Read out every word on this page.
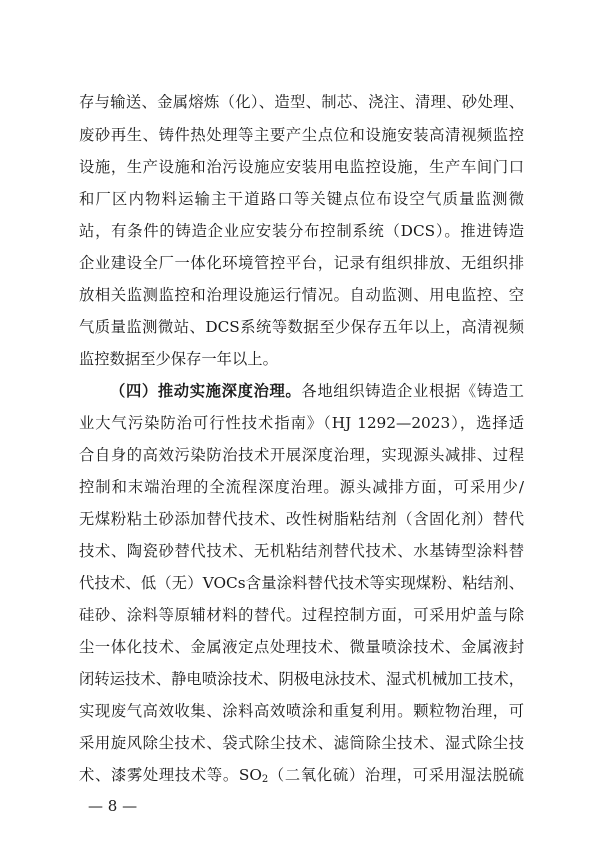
存与输送、金属熔炼（化）、造型、制芯、浇注、清理、砂处理、
废砂再生、铸件热处理等主要产尘点位和设施安装高清视频监控
设施，生产设施和治污设施应安装用电监控设施，生产车间门口
和厂区内物料运输主干道路口等关键点位布设空气质量监测微
站，有条件的铸造企业应安装分布控制系统（DCS）。推进铸造
企业建设全厂一体化环境管控平台，记录有组织排放、无组织排
放相关监测监控和治理设施运行情况。自动监测、用电监控、空
气质量监测微站、DCS系统等数据至少保存五年以上，高清视频
监控数据至少保存一年以上。
（四）推动实施深度治理。各地组织铸造企业根据《铸造工
业大气污染防治可行性技术指南》（HJ 1292—2023），选择适
合自身的高效污染防治技术开展深度治理，实现源头减排、过程
控制和末端治理的全流程深度治理。源头减排方面，可采用少/
无煤粉粘土砂添加替代技术、改性树脂粘结剂（含固化剂）替代
技术、陶瓷砂替代技术、无机粘结剂替代技术、水基铸型涂料替
代技术、低（无）VOCs含量涂料替代技术等实现煤粉、粘结剂、
硅砂、涂料等原辅材料的替代。过程控制方面，可采用炉盖与除
尘一体化技术、金属液定点处理技术、微量喷涂技术、金属液封
闭转运技术、静电喷涂技术、阴极电泳技术、湿式机械加工技术，
实现废气高效收集、涂料高效喷涂和重复利用。颗粒物治理，可
采用旋风除尘技术、袋式除尘技术、滤筒除尘技术、湿式除尘技
术、漆雾处理技术等。$SO_2$（二氧化硫）治理，可采用湿法脱硫
— 8 —
